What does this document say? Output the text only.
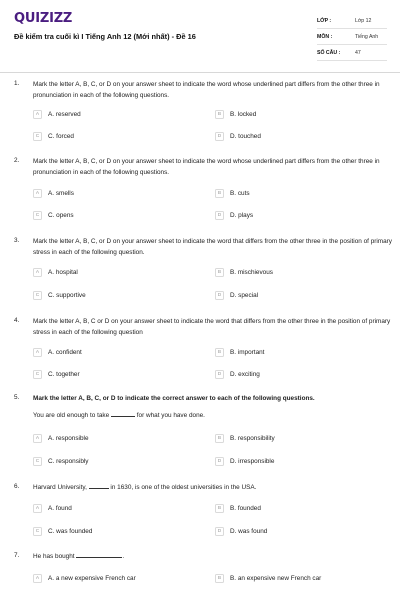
QUIZIZZ
Đề kiểm tra cuối kì I Tiếng Anh 12 (Mới nhất) - Đề 16
LỚP :	Lớp 12
MÔN :	Tiếng Anh
SỐ CÂU :	47
1. Mark the letter A, B, C, or D on your answer sheet to indicate the word whose underlined part differs from the other three in pronunciation in each of the following questions.
A	A. reserved	B	B. locked
C	C. forced	D	D. touched
2. Mark the letter A, B, C, or D on your answer sheet to indicate the word whose underlined part differs from the other three in pronunciation in each of the following questions.
A	A. smells	B	B. cuts
C	C. opens	D	D. plays
3. Mark the letter A, B, C, or D on your answer sheet to indicate the word that differs from the other three in the position of primary stress in each of the following question.
A	A. hospital	B	B. mischievous
C	C. supportive	D	D. special
4. Mark the letter A, B, C or D on your answer sheet to indicate the word that differs from the other three in the position of primary stress in each of the following question
A	A. confident	B	B. important
C	C. together	D	D. exciting
5. Mark the letter A, B, C, or D to indicate the correct answer to each of the following questions.
You are old enough to take	for what you have done.
A	A. responsible	B	B. responsibility
C	C. responsibly	D	D. irresponsible
6. Harvard University,	in 1630, is one of the oldest universities in the USA.
A	A. found	B	B. founded
C	C. was founded	D	D. was found
7. He has bought	.
A	A. a new expensive French car	B	B. an expensive new French car
